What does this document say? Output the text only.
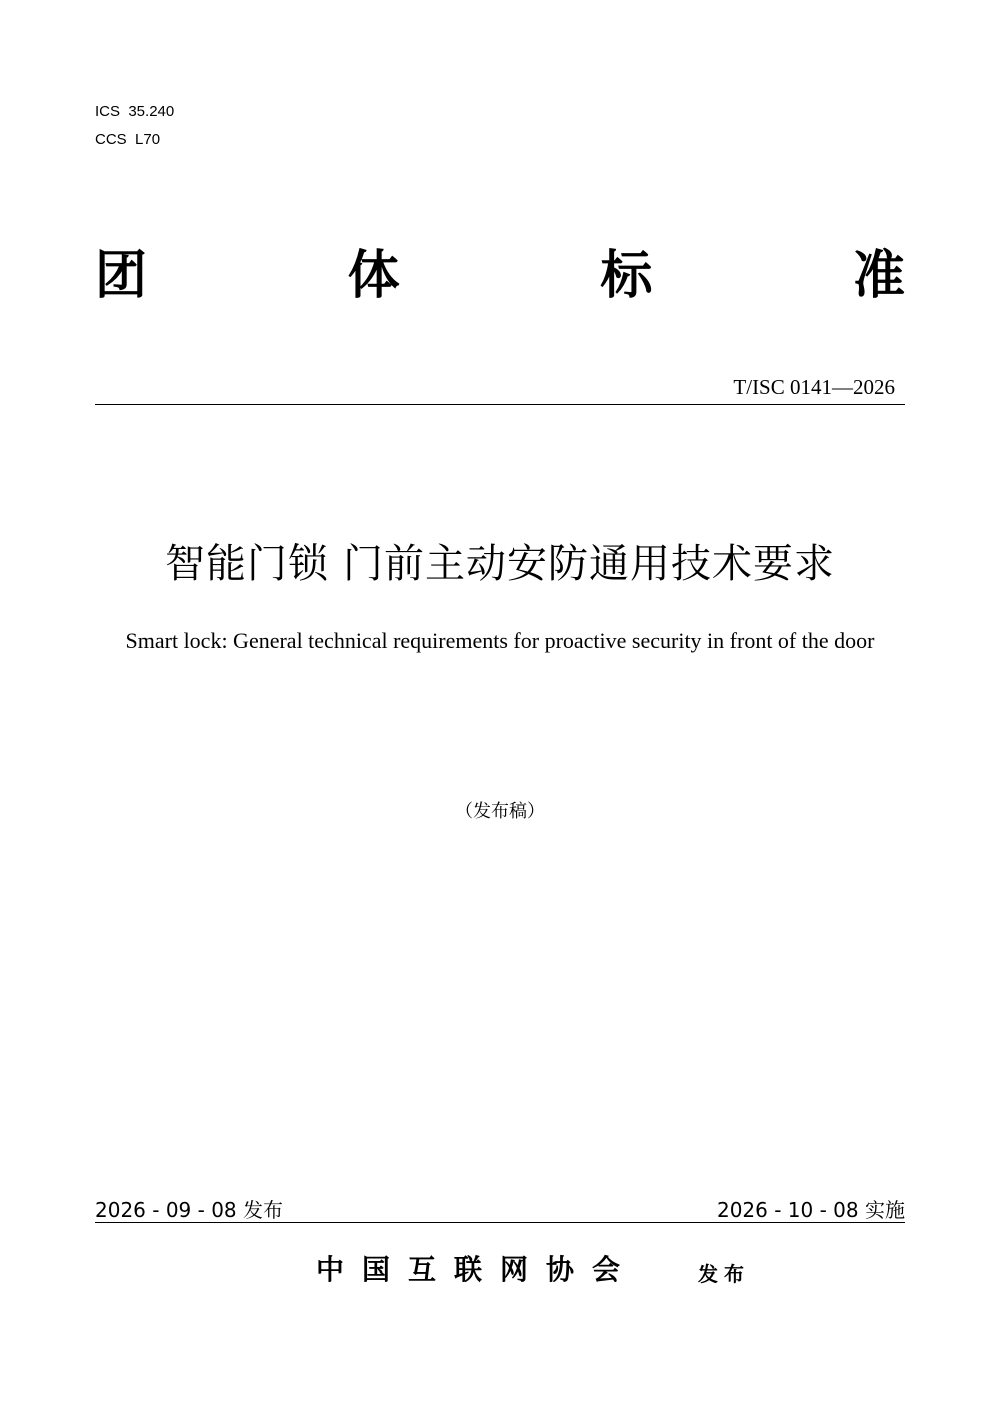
ICS  35.240
CCS  L70
团	体	标	准
T/ISC 0141—2026
智能门锁 门前主动安防通用技术要求
Smart lock: General technical requirements for proactive security in front of the door
（发布稿）
2026 - 09 - 08 发布	2026 - 10 - 08 实施
中国互联网协会	发布
